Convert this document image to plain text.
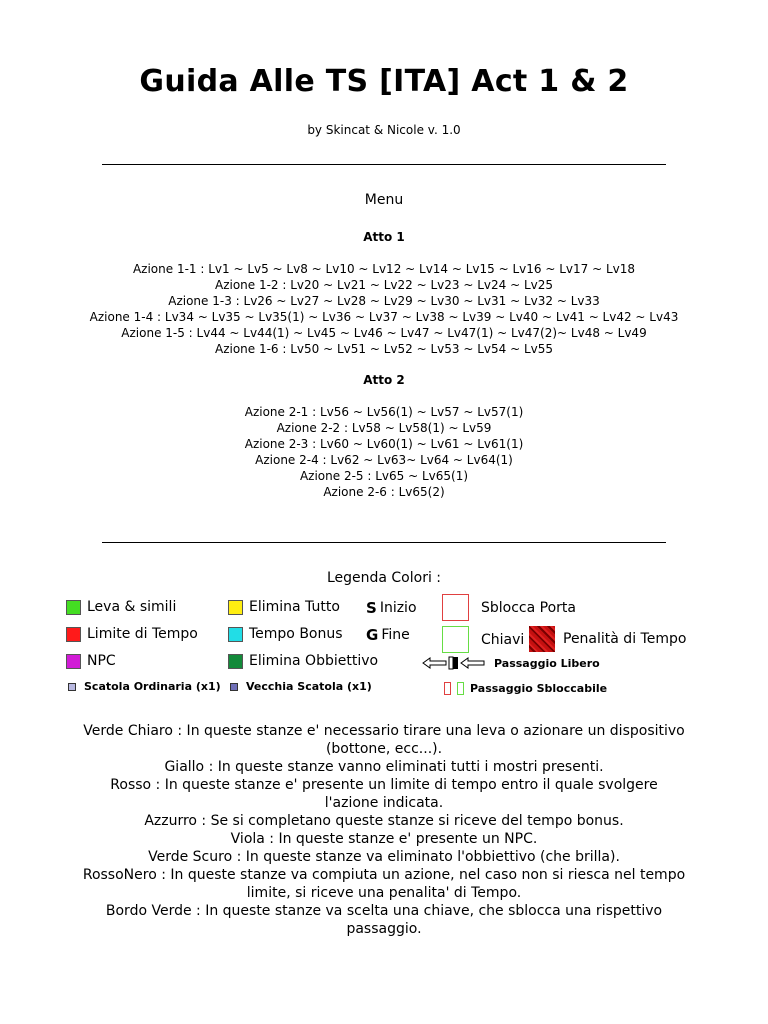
Guida Alle TS [ITA] Act 1 & 2
by Skincat & Nicole v. 1.0
Menu
Atto 1
Azione 1-1 : Lv1 ~ Lv5 ~ Lv8 ~ Lv10 ~ Lv12 ~ Lv14 ~ Lv15 ~ Lv16 ~ Lv17 ~ Lv18
Azione 1-2 : Lv20 ~ Lv21 ~ Lv22 ~ Lv23 ~ Lv24 ~ Lv25
Azione 1-3 : Lv26 ~ Lv27 ~ Lv28 ~ Lv29 ~ Lv30 ~ Lv31 ~ Lv32 ~ Lv33
Azione 1-4 : Lv34 ~ Lv35 ~ Lv35(1) ~ Lv36 ~ Lv37 ~ Lv38 ~ Lv39 ~ Lv40 ~ Lv41 ~ Lv42 ~ Lv43
Azione 1-5 : Lv44 ~ Lv44(1) ~ Lv45 ~ Lv46 ~ Lv47 ~ Lv47(1) ~ Lv47(2)~ Lv48 ~ Lv49
Azione 1-6 : Lv50 ~ Lv51 ~ Lv52 ~ Lv53 ~ Lv54 ~ Lv55
Atto 2
Azione 2-1 : Lv56 ~ Lv56(1) ~ Lv57 ~ Lv57(1)
Azione 2-2 : Lv58 ~ Lv58(1) ~ Lv59
Azione 2-3 : Lv60 ~ Lv60(1) ~ Lv61 ~ Lv61(1)
Azione 2-4 : Lv62 ~ Lv63~ Lv64 ~ Lv64(1)
Azione 2-5 : Lv65 ~ Lv65(1)
Azione 2-6 : Lv65(2)
Legenda Colori :
Leva & simili
Limite di Tempo
NPC
Scatola Ordinaria (x1)
Elimina Tutto
Tempo Bonus
Elimina Obbiettivo
Vecchia Scatola (x1)
S Inizio
G Fine
Sblocca Porta
Chiavi	Penalità di Tempo
Passaggio Libero
Passaggio Sbloccabile
Verde Chiaro : In queste stanze e' necessario tirare una leva o azionare un dispositivo
(bottone, ecc...).
Giallo : In queste stanze vanno eliminati tutti i mostri presenti.
Rosso : In queste stanze e' presente un limite di tempo entro il quale svolgere
l'azione indicata.
Azzurro : Se si completano queste stanze si riceve del tempo bonus.
Viola : In queste stanze e' presente un NPC.
Verde Scuro : In queste stanze va eliminato l'obbiettivo (che brilla).
RossoNero : In queste stanze va compiuta un azione, nel caso non si riesca nel tempo
limite, si riceve una penalita' di Tempo.
Bordo Verde : In queste stanze va scelta una chiave, che sblocca una rispettivo
passaggio.
